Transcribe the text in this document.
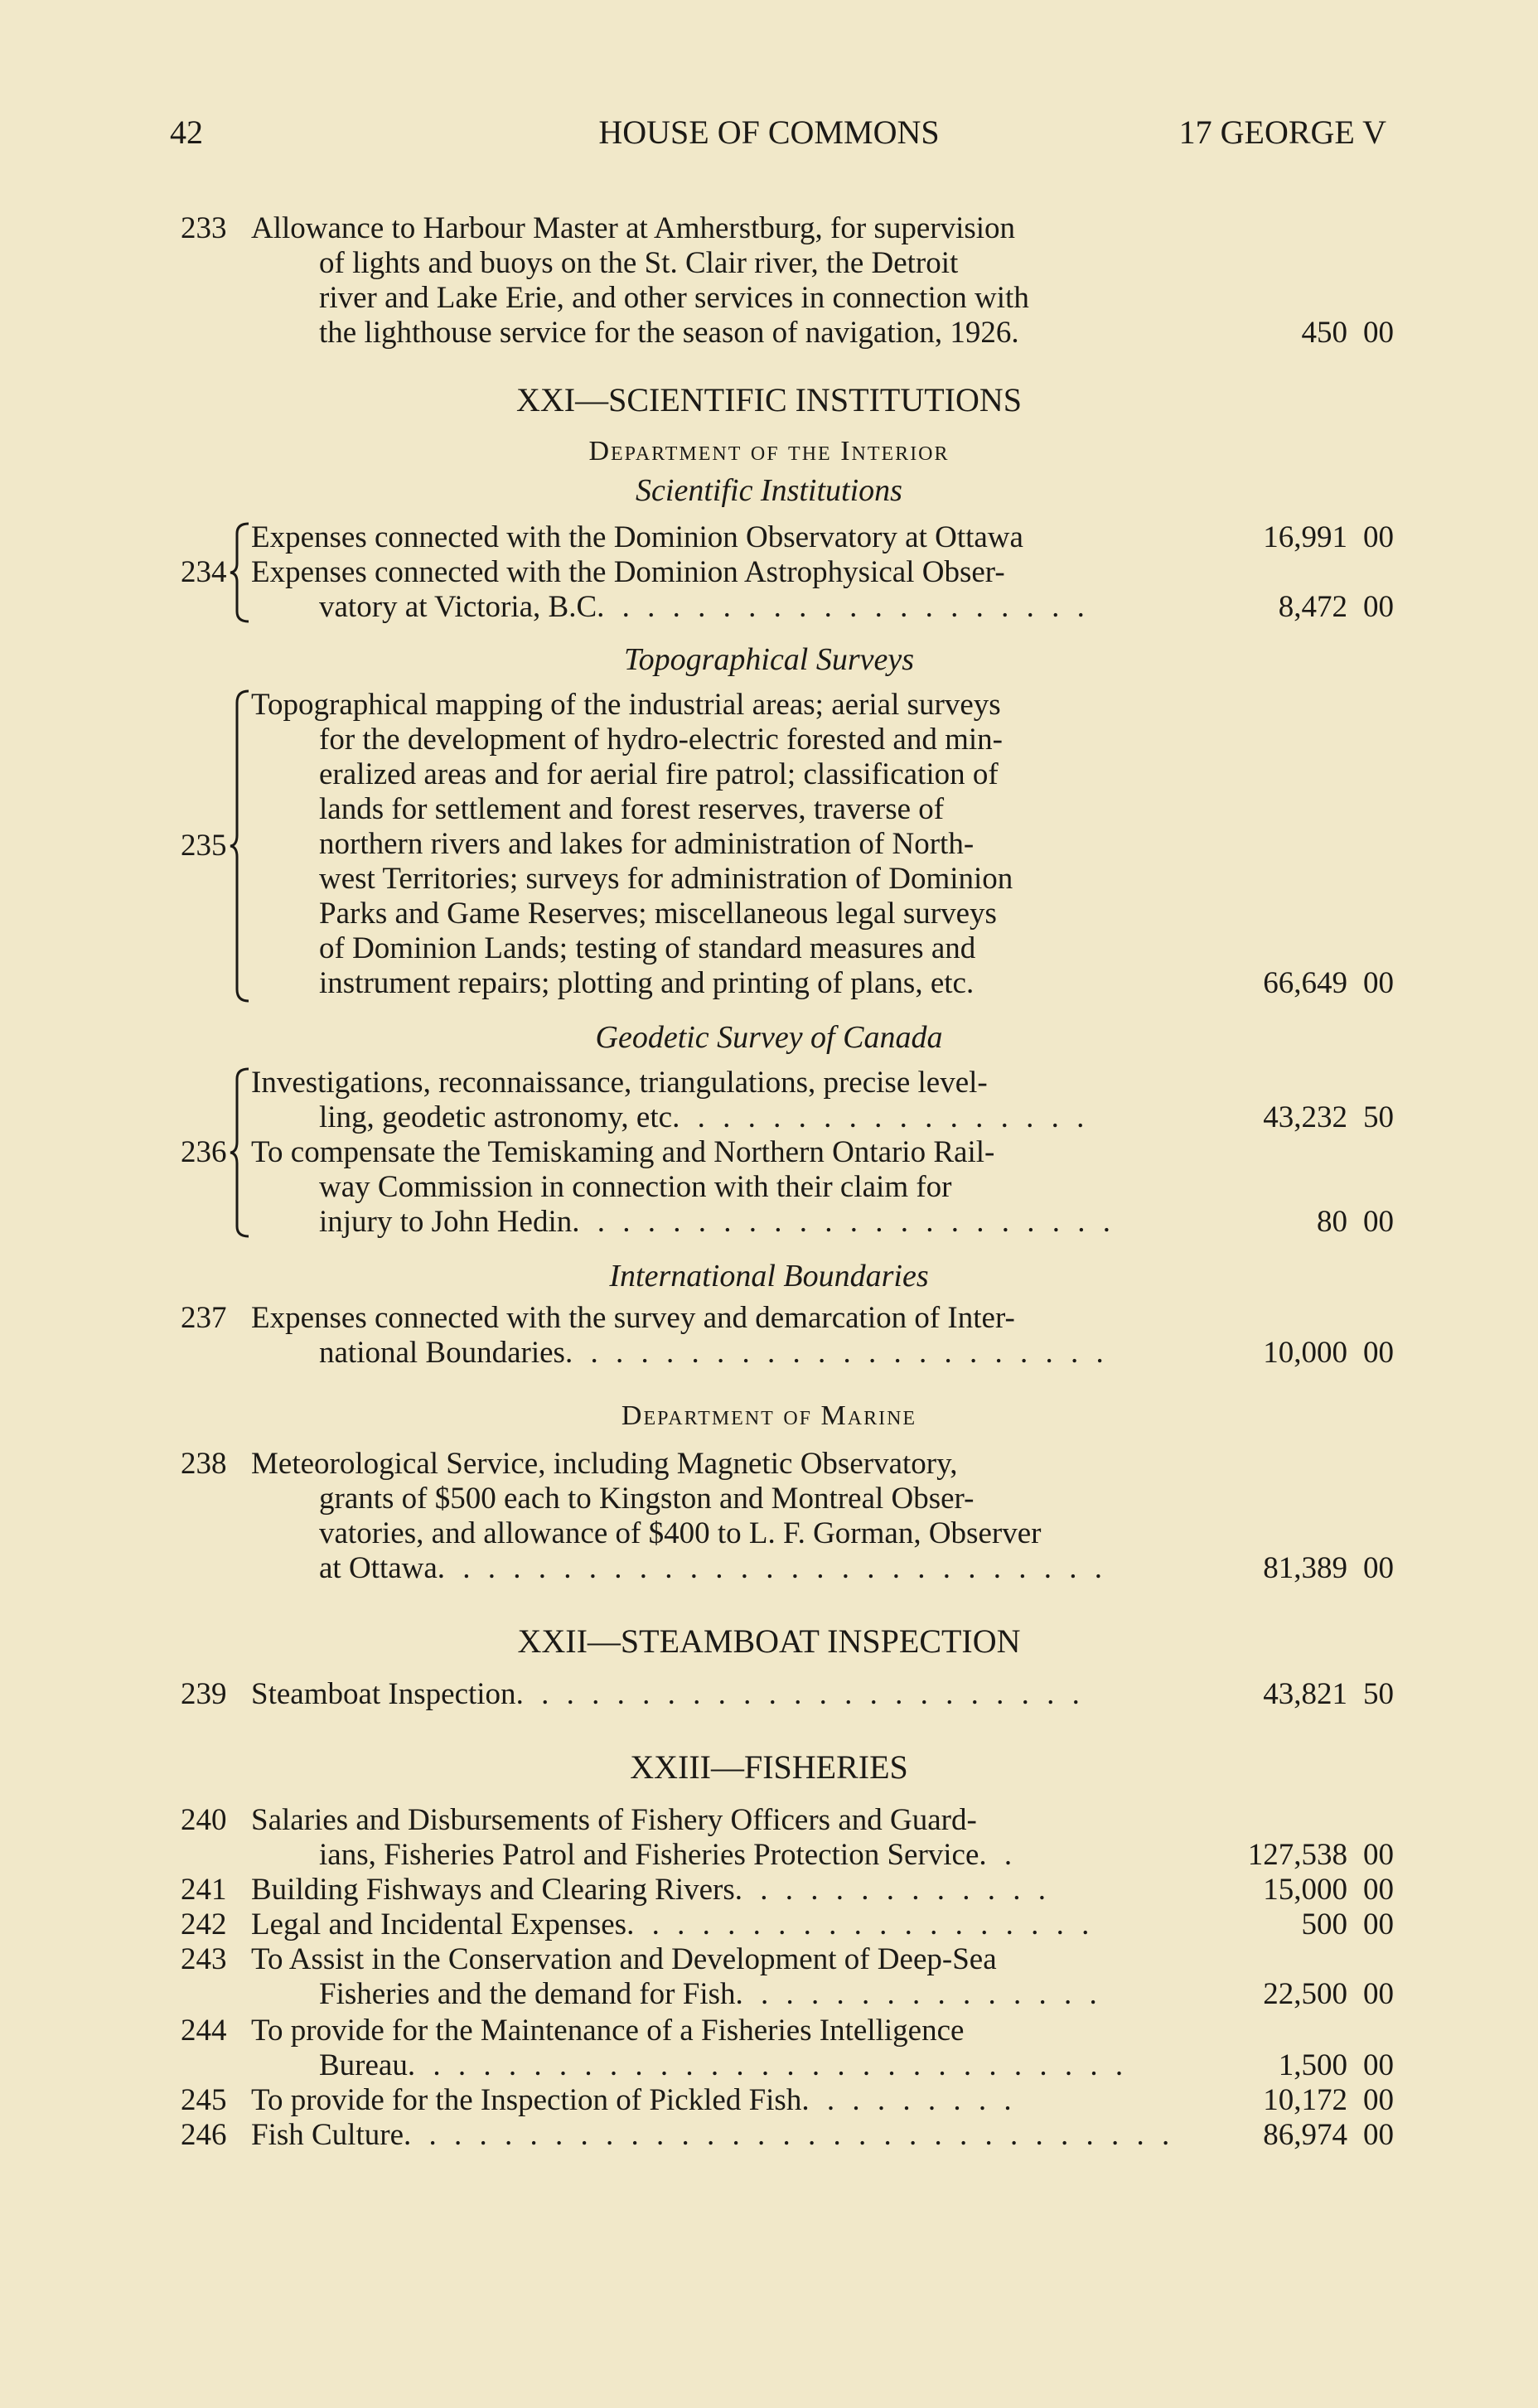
42	HOUSE OF COMMONS	17 GEORGE V
233 Allowance to Harbour Master at Amherstburg, for supervision
of lights and buoys on the St. Clair river, the Detroit
river and Lake Erie, and other services in connection with
the lighthouse service for the season of navigation, 1926.	450 00
XXI—SCIENTIFIC INSTITUTIONS
Department of the Interior
Scientific Institutions
234
Expenses connected with the Dominion Observatory at Ottawa	16,991 00
Expenses connected with the Dominion Astrophysical Obser-
vatory at Victoria, B.C. . . . . . . . . . . . . . . . . . . .	8,472 00
Topographical Surveys
235
Topographical mapping of the industrial areas; aerial surveys
for the development of hydro-electric forested and min-
eralized areas and for aerial fire patrol; classification of
lands for settlement and forest reserves, traverse of
northern rivers and lakes for administration of North-
west Territories; surveys for administration of Dominion
Parks and Game Reserves; miscellaneous legal surveys
of Dominion Lands; testing of standard measures and
instrument repairs; plotting and printing of plans, etc.	66,649 00
Geodetic Survey of Canada
236
Investigations, reconnaissance, triangulations, precise level-
ling, geodetic astronomy, etc. . . . . . . . . . . . . . . . .	43,232 50
To compensate the Temiskaming and Northern Ontario Rail-
way Commission in connection with their claim for
injury to John Hedin. . . . . . . . . . . . . . . . . . . . . .	80 00
International Boundaries
237 Expenses connected with the survey and demarcation of Inter-
national Boundaries. . . . . . . . . . . . . . . . . . . . . .	10,000 00
Department of Marine
238 Meteorological Service, including Magnetic Observatory,
grants of $500 each to Kingston and Montreal Obser-
vatories, and allowance of $400 to L. F. Gorman, Observer
at Ottawa. . . . . . . . . . . . . . . . . . . . . . . . . . .	81,389 00
XXII—STEAMBOAT INSPECTION
239 Steamboat Inspection. . . . . . . . . . . . . . . . . . . . . . .	43,821 50
XXIII—FISHERIES
240 Salaries and Disbursements of Fishery Officers and Guard-
ians, Fisheries Patrol and Fisheries Protection Service. .	127,538 00
241 Building Fishways and Clearing Rivers. . . . . . . . . . . . .	15,000 00
242 Legal and Incidental Expenses. . . . . . . . . . . . . . . . . . .	500 00
243 To Assist in the Conservation and Development of Deep-Sea
Fisheries and the demand for Fish. . . . . . . . . . . . . . .	22,500 00
244 To provide for the Maintenance of a Fisheries Intelligence
Bureau. . . . . . . . . . . . . . . . . . . . . . . . . . . . .	1,500 00
245 To provide for the Inspection of Pickled Fish. . . . . . . . .	10,172 00
246 Fish Culture. . . . . . . . . . . . . . . . . . . . . . . . . . . . . . .	86,974 00
